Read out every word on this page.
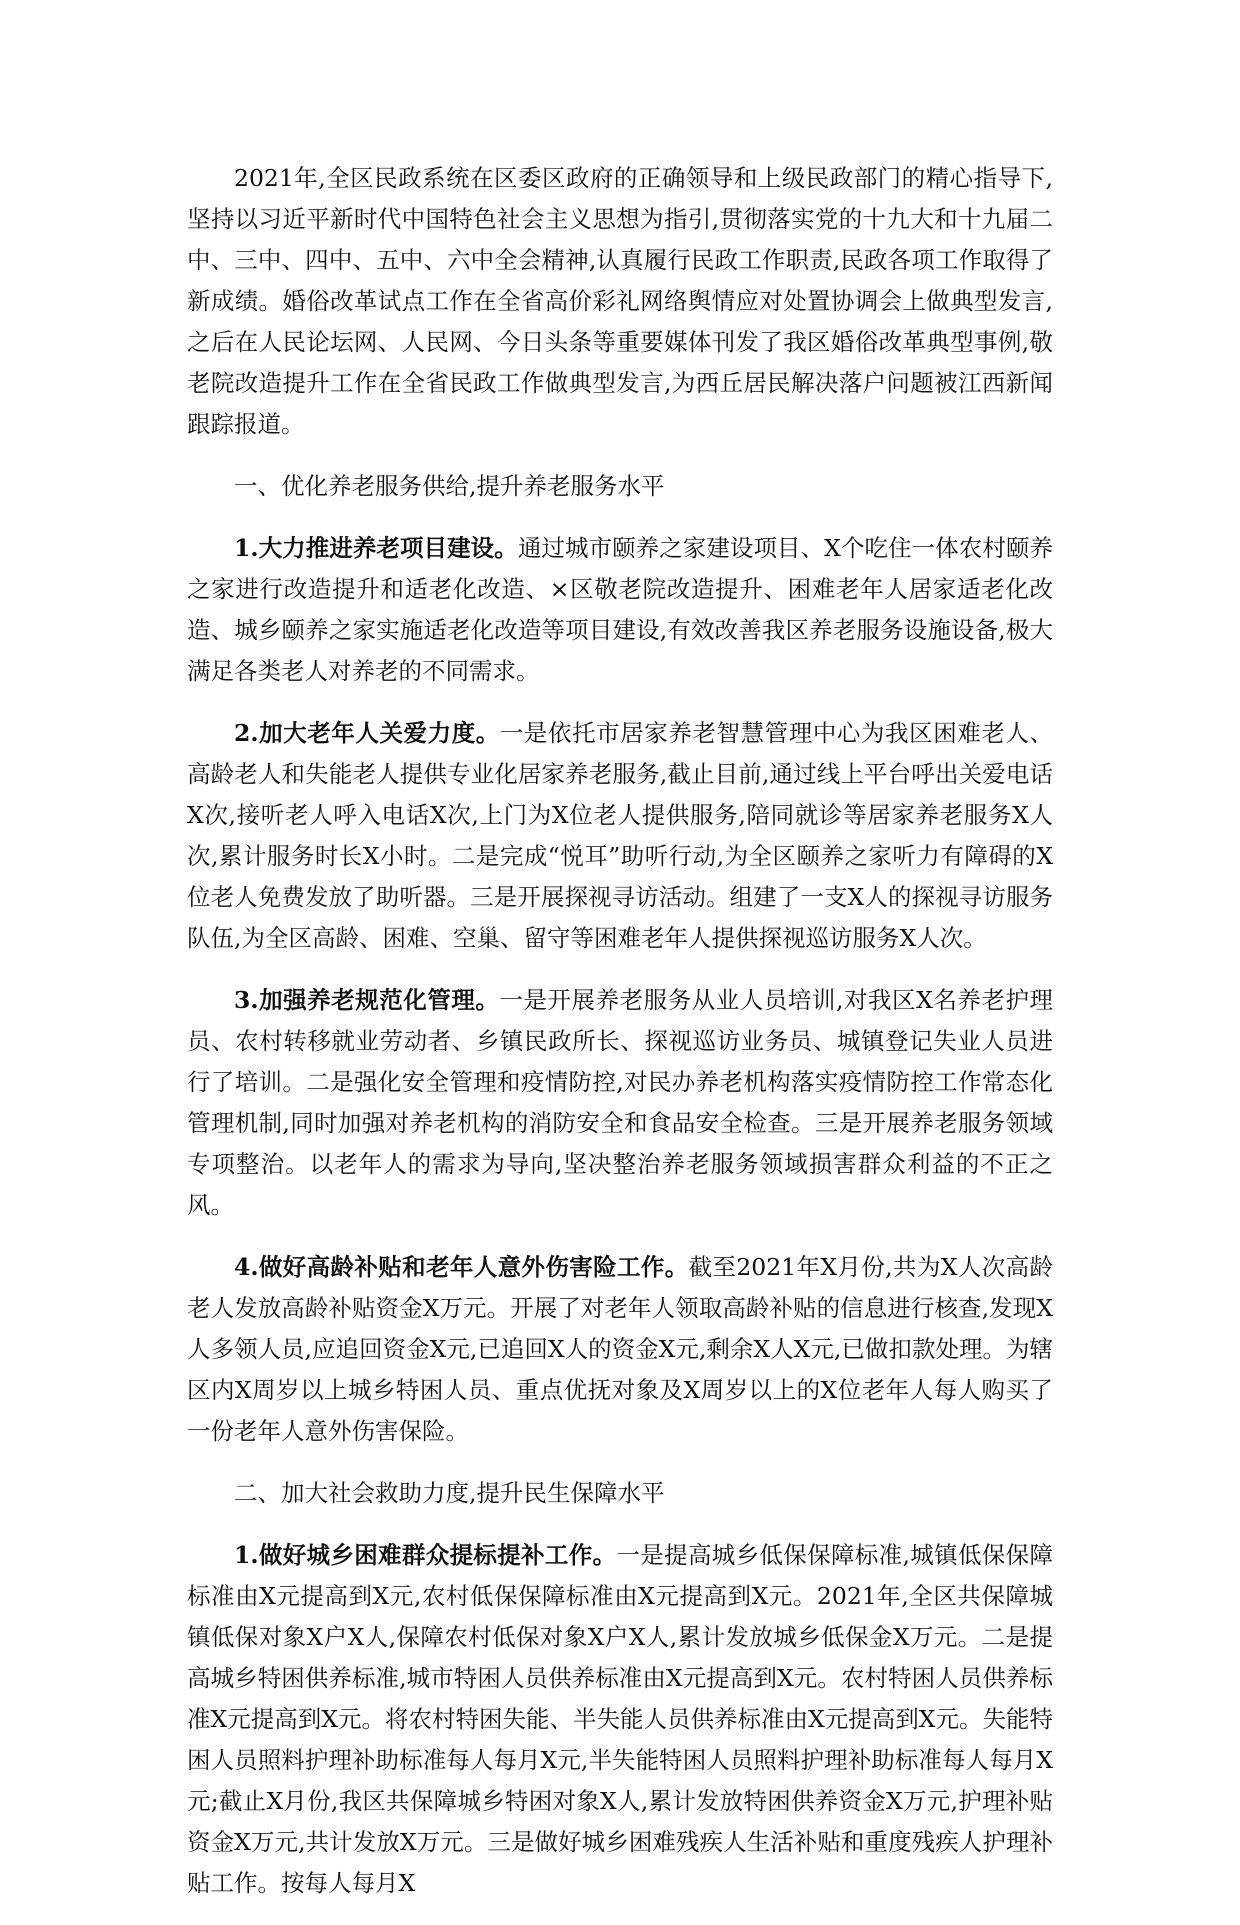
2021年,全区民政系统在区委区政府的正确领导和上级民政部门的精心指导下,坚持以习近平新时代中国特色社会主义思想为指引,贯彻落实党的十九大和十九届二中、三中、四中、五中、六中全会精神,认真履行民政工作职责,民政各项工作取得了新成绩。婚俗改革试点工作在全省高价彩礼网络舆情应对处置协调会上做典型发言,之后在人民论坛网、人民网、今日头条等重要媒体刊发了我区婚俗改革典型事例,敬老院改造提升工作在全省民政工作做典型发言,为西丘居民解决落户问题被江西新闻跟踪报道。

一、优化养老服务供给,提升养老服务水平

1.大力推进养老项目建设。通过城市颐养之家建设项目、X个吃住一体农村颐养之家进行改造提升和适老化改造、×区敬老院改造提升、困难老年人居家适老化改造、城乡颐养之家实施适老化改造等项目建设,有效改善我区养老服务设施设备,极大满足各类老人对养老的不同需求。

2.加大老年人关爱力度。一是依托市居家养老智慧管理中心为我区困难老人、高龄老人和失能老人提供专业化居家养老服务,截止目前,通过线上平台呼出关爱电话X次,接听老人呼入电话X次,上门为X位老人提供服务,陪同就诊等居家养老服务X人次,累计服务时长X小时。二是完成“悦耳”助听行动,为全区颐养之家听力有障碍的X位老人免费发放了助听器。三是开展探视寻访活动。组建了一支X人的探视寻访服务队伍,为全区高龄、困难、空巢、留守等困难老年人提供探视巡访服务X人次。

3.加强养老规范化管理。一是开展养老服务从业人员培训,对我区X名养老护理员、农村转移就业劳动者、乡镇民政所长、探视巡访业务员、城镇登记失业人员进行了培训。二是强化安全管理和疫情防控,对民办养老机构落实疫情防控工作常态化管理机制,同时加强对养老机构的消防安全和食品安全检查。三是开展养老服务领域专项整治。以老年人的需求为导向,坚决整治养老服务领域损害群众利益的不正之风。

4.做好高龄补贴和老年人意外伤害险工作。截至2021年X月份,共为X人次高龄老人发放高龄补贴资金X万元。开展了对老年人领取高龄补贴的信息进行核查,发现X人多领人员,应追回资金X元,已追回X人的资金X元,剩余X人X元,已做扣款处理。为辖区内X周岁以上城乡特困人员、重点优抚对象及X周岁以上的X位老年人每人购买了一份老年人意外伤害保险。

二、加大社会救助力度,提升民生保障水平

1.做好城乡困难群众提标提补工作。一是提高城乡低保保障标准,城镇低保保障标准由X元提高到X元,农村低保保障标准由X元提高到X元。2021年,全区共保障城镇低保对象X户X人,保障农村低保对象X户X人,累计发放城乡低保金X万元。二是提高城乡特困供养标准,城市特困人员供养标准由X元提高到X元。农村特困人员供养标准X元提高到X元。将农村特困失能、半失能人员供养标准由X元提高到X元。失能特困人员照料护理补助标准每人每月X元,半失能特困人员照料护理补助标准每人每月X元;截止X月份,我区共保障城乡特困对象X人,累计发放特困供养资金X万元,护理补贴资金X万元,共计发放X万元。三是做好城乡困难残疾人生活补贴和重度残疾人护理补贴工作。按每人每月X
